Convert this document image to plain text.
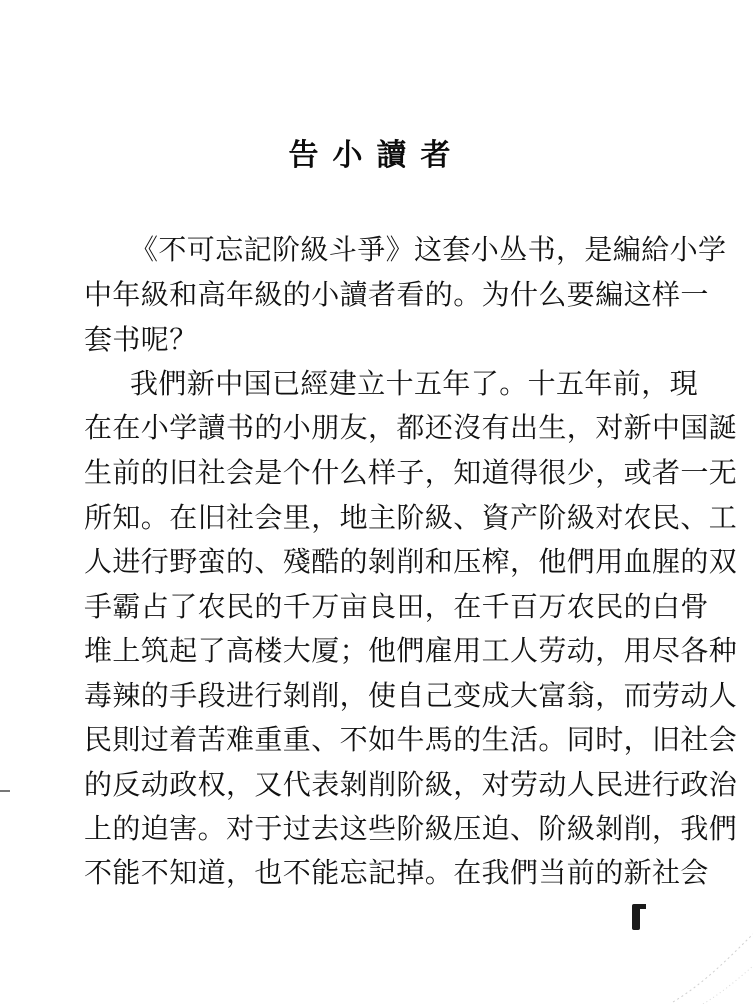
告小讀者
《不可忘記阶級斗爭》这套小丛书，是編給小学
中年級和高年級的小讀者看的。为什么要編这样一
套书呢？
我們新中国已經建立十五年了。十五年前，現
在在小学讀书的小朋友，都还沒有出生，对新中国誕
生前的旧社会是个什么样子，知道得很少，或者一无
所知。在旧社会里，地主阶級、資产阶級对农民、工
人进行野蛮的、殘酷的剝削和压榨，他們用血腥的双
手霸占了农民的千万亩良田，在千百万农民的白骨
堆上筑起了高楼大厦；他們雇用工人劳动，用尽各种
毒辣的手段进行剝削，使自己变成大富翁，而劳动人
民則过着苦难重重、不如牛馬的生活。同时，旧社会
的反动政权，又代表剝削阶級，对劳动人民进行政治
上的迫害。对于过去这些阶級压迫、阶級剝削，我們
不能不知道，也不能忘記掉。在我們当前的新社会
